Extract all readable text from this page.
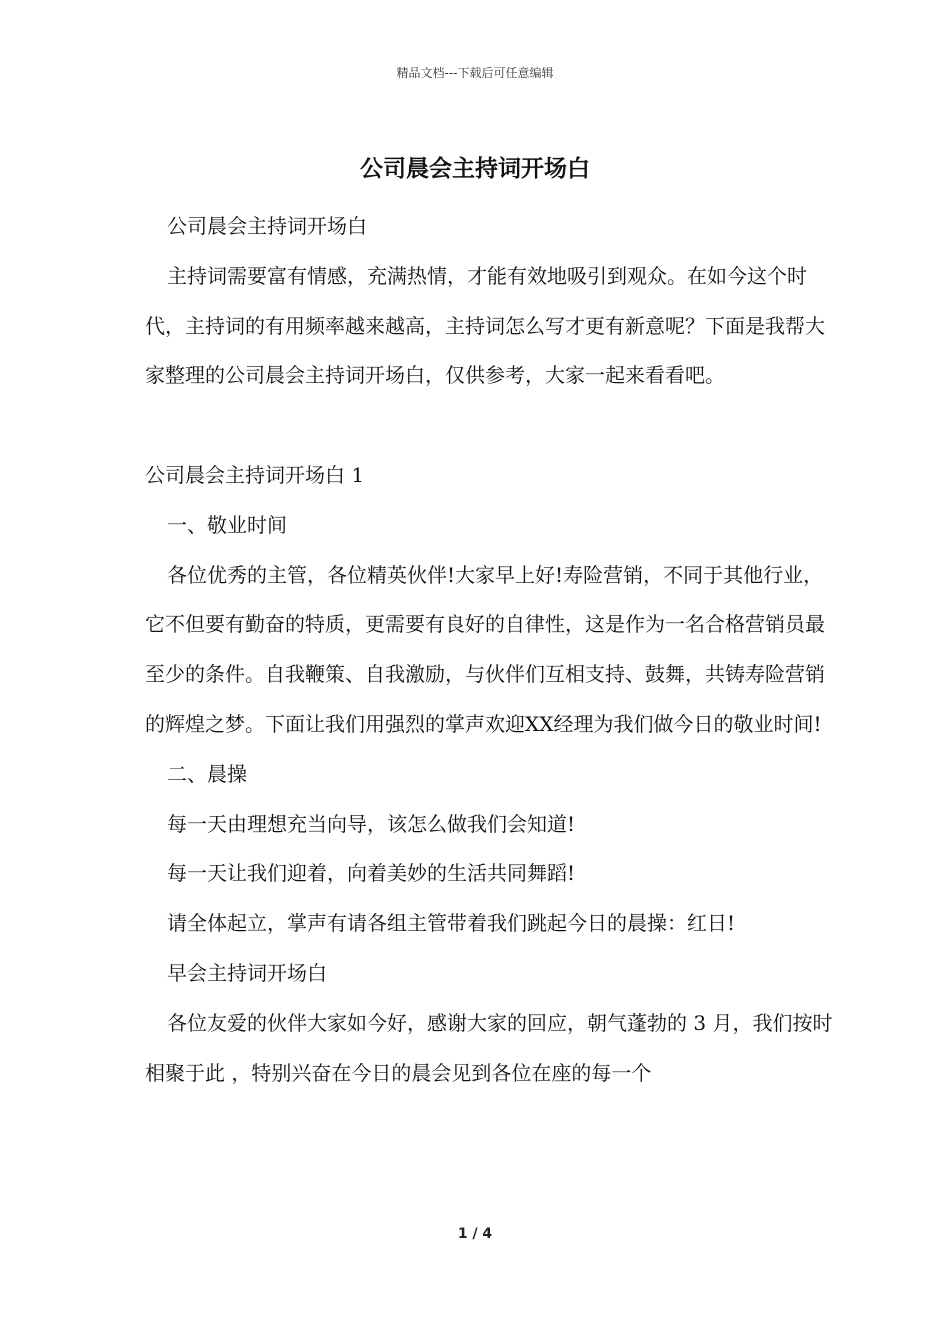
精品文档---下载后可任意编辑
公司晨会主持词开场白

公司晨会主持词开场白

主持词需要富有情感，充满热情，才能有效地吸引到观众。在如今这个时代，主持词的有用频率越来越高，主持词怎么写才更有新意呢？下面是我帮大家整理的公司晨会主持词开场白，仅供参考，大家一起来看看吧。

公司晨会主持词开场白 1

一、敬业时间

各位优秀的主管，各位精英伙伴!大家早上好!寿险营销，不同于其他行业，它不但要有勤奋的特质，更需要有良好的自律性，这是作为一名合格营销员最至少的条件。自我鞭策、自我激励，与伙伴们互相支持、鼓舞，共铸寿险营销的辉煌之梦。下面让我们用强烈的掌声欢迎XX经理为我们做今日的敬业时间!

二、晨操

每一天由理想充当向导，该怎么做我们会知道!

每一天让我们迎着，向着美妙的生活共同舞蹈!

请全体起立，掌声有请各组主管带着我们跳起今日的晨操：红日!

早会主持词开场白

各位友爱的伙伴大家如今好，感谢大家的回应，朝气蓬勃的 3 月，我们按时相聚于此 ，特别兴奋在今日的晨会见到各位在座的每一个

1 / 4
